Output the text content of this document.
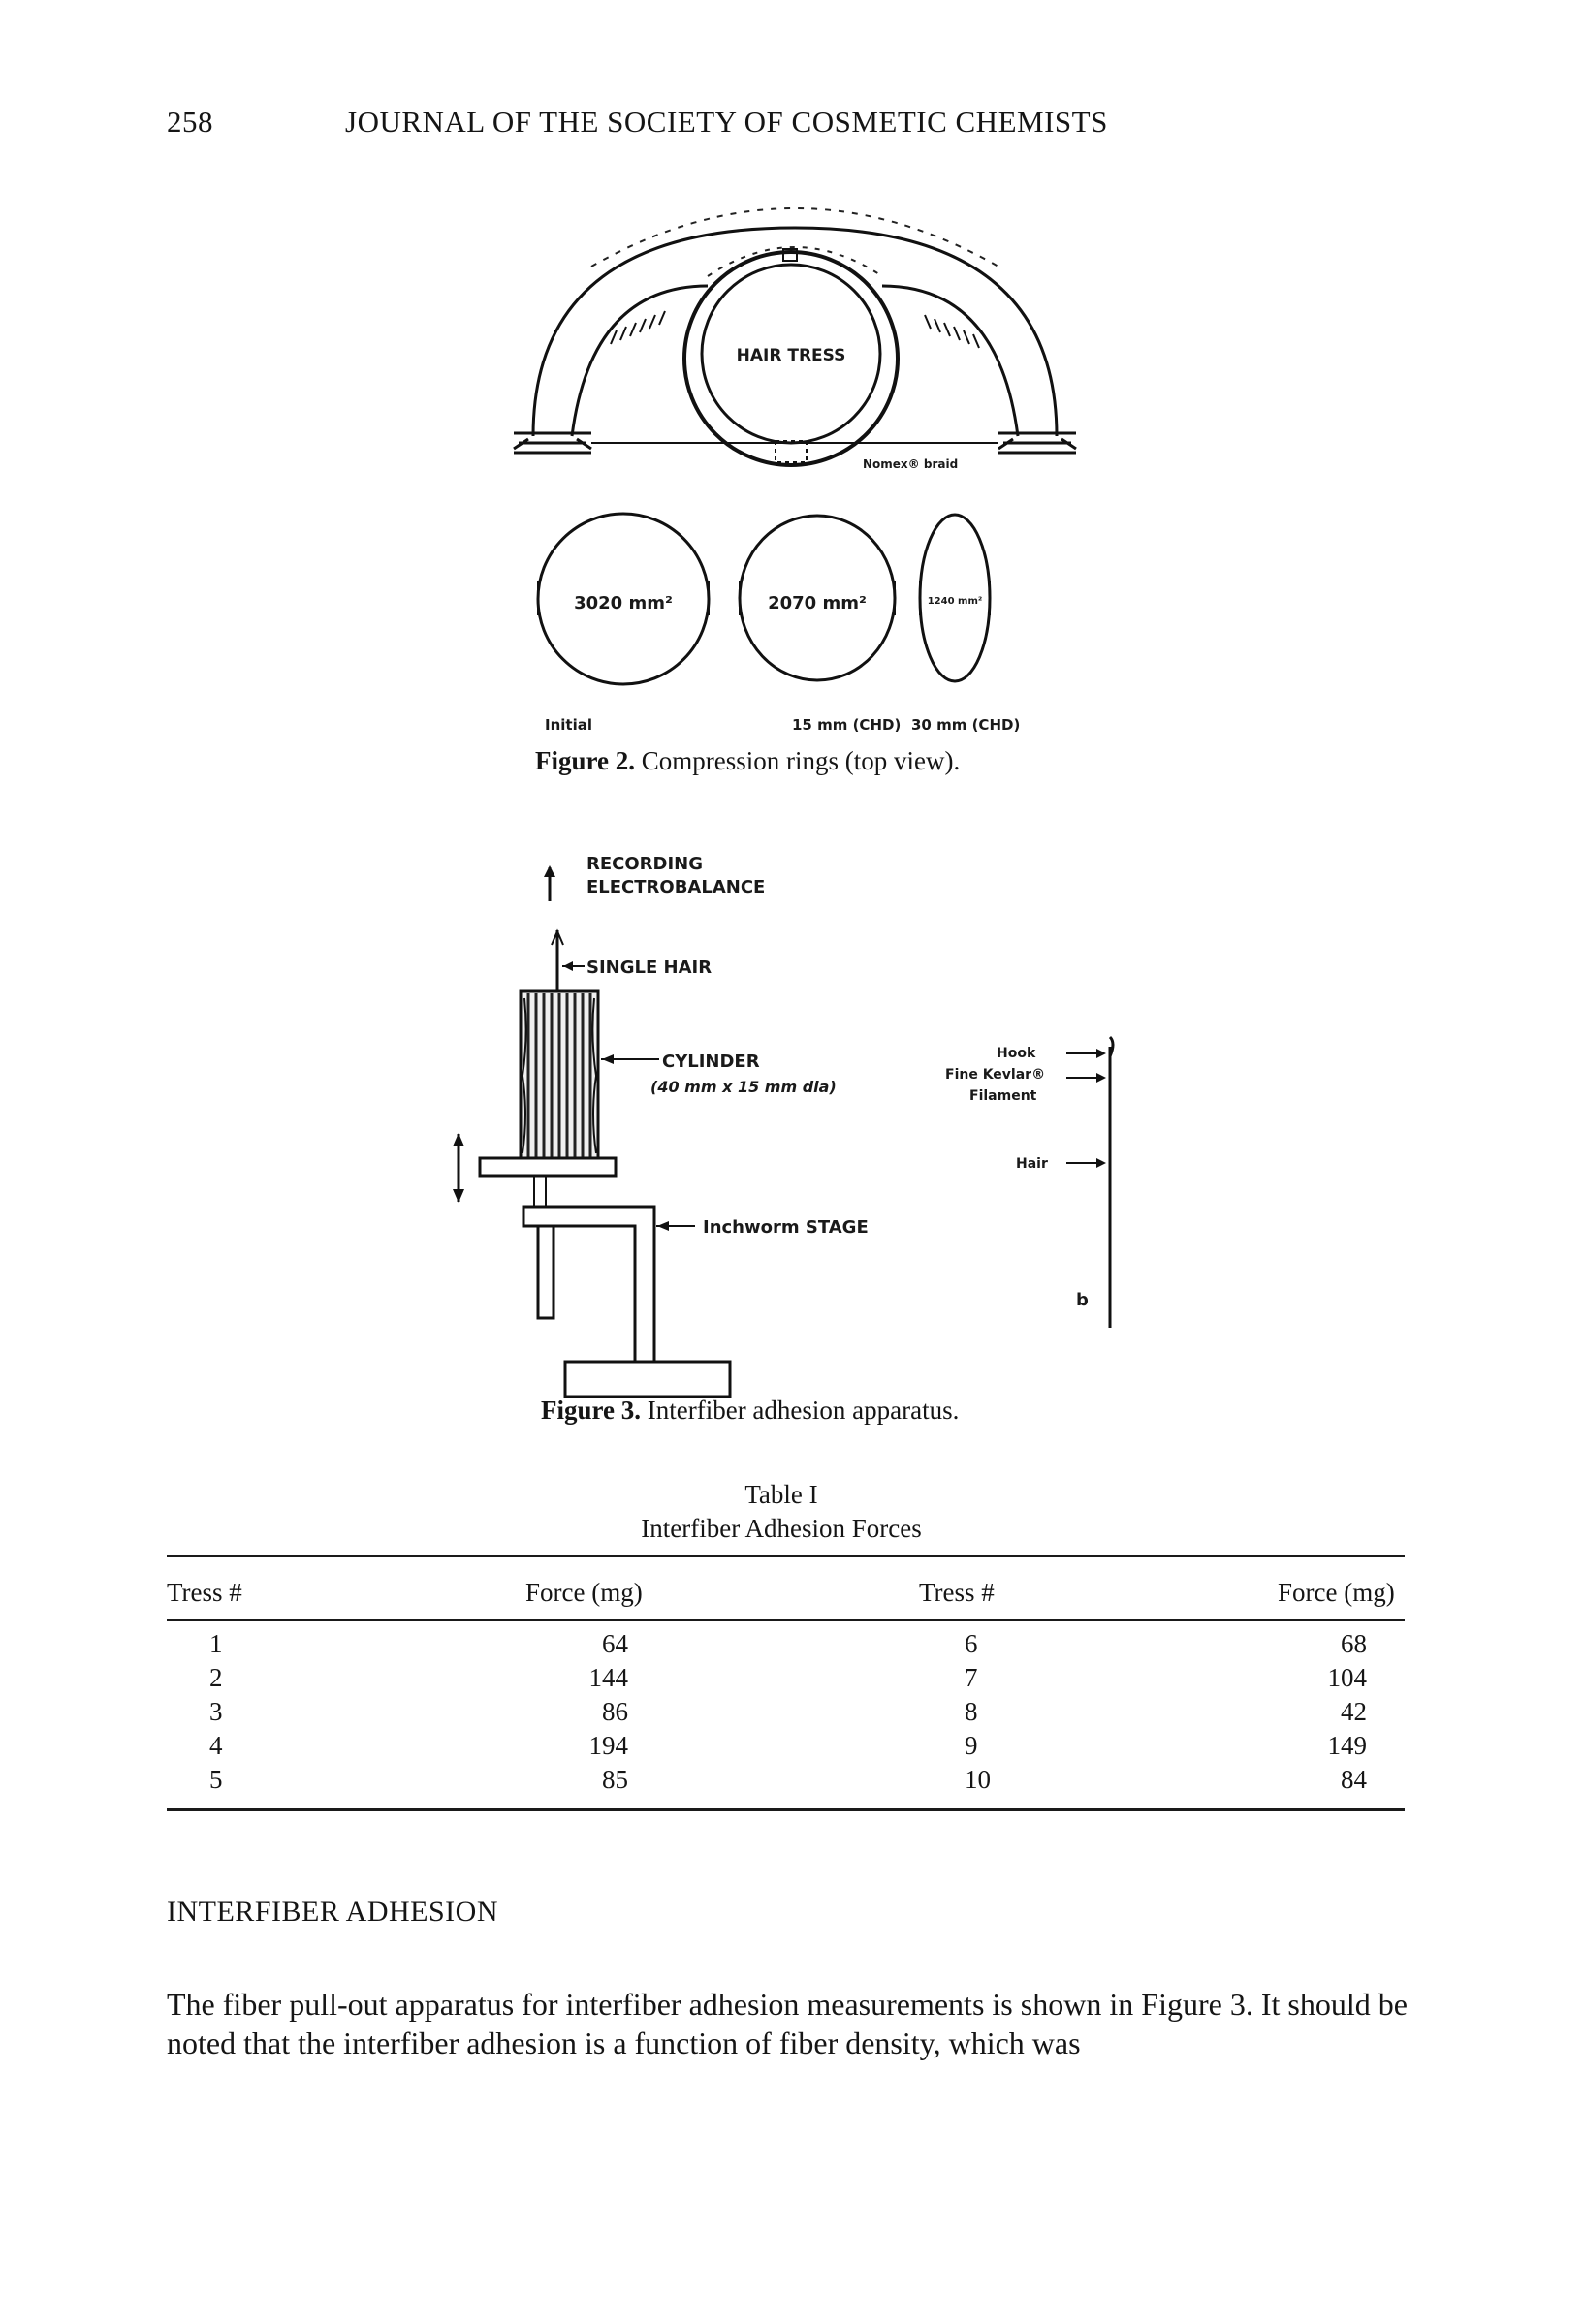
258	JOURNAL OF THE SOCIETY OF COSMETIC CHEMISTS
HAIR TRESS
Nomex® braid
3020 mm²	2070 mm²	1240 mm²
Initial	15 mm (CHD) 30 mm (CHD)
Figure 2. Compression rings (top view).
RECORDING
ELECTROBALANCE
SINGLE HAIR
CYLINDER
(40 mm x 15 mm dia)
Inchworm STAGE
Hook
Fine Kevlar®
Filament
Hair
b
Figure 3. Interfiber adhesion apparatus.
Table I
Interfiber Adhesion Forces
Tress #	Force (mg)	Tress #	Force (mg)
1	64	6	68
2	144	7	104
3	86	8	42
4	194	9	149
5	85	10	84
INTERFIBER ADHESION
The fiber pull-out apparatus for interfiber adhesion measurements is shown in Figure 3. It should be noted that the interfiber adhesion is a function of fiber density, which was
